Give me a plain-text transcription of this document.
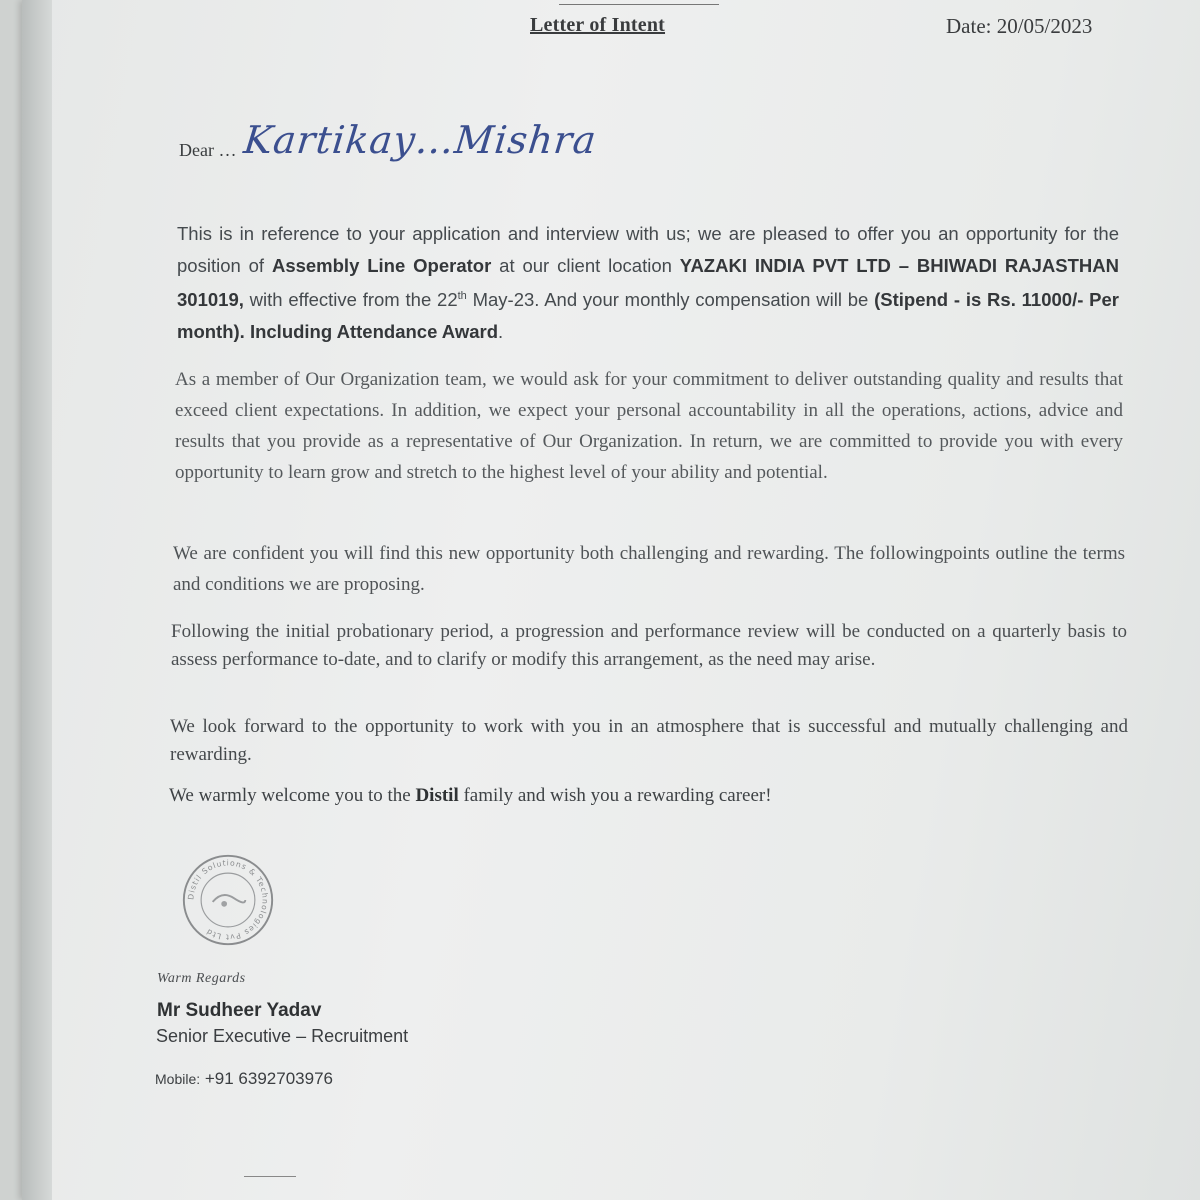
Letter of Intent	Date: 20/05/2023
Dear … Kartikay…Mishra
This is in reference to your application and interview with us; we are pleased to offer you an opportunity for the position of Assembly Line Operator at our client location YAZAKI INDIA PVT LTD – BHIWADI RAJASTHAN 301019, with effective from the 22th May-23. And your monthly compensation will be (Stipend - is Rs. 11000/- Per month). Including Attendance Award.
As a member of Our Organization team, we would ask for your commitment to deliver outstanding quality and results that exceed client expectations. In addition, we expect your personal accountability in all the operations, actions, advice and results that you provide as a representative of Our Organization. In return, we are committed to provide you with every opportunity to learn grow and stretch to the highest level of your ability and potential.
We are confident you will find this new opportunity both challenging and rewarding. The followingpoints outline the terms and conditions we are proposing.
Following the initial probationary period, a progression and performance review will be conducted on a quarterly basis to assess performance to-date, and to clarify or modify this arrangement, as the need may arise.
We look forward to the opportunity to work with you in an atmosphere that is successful and mutually challenging and rewarding.
We warmly welcome you to the Distil family and wish you a rewarding career!
Distil Solutions & Technologies Pvt Ltd
Warm Regards
Mr Sudheer Yadav
Senior Executive – Recruitment
Mobile: +91 6392703976
